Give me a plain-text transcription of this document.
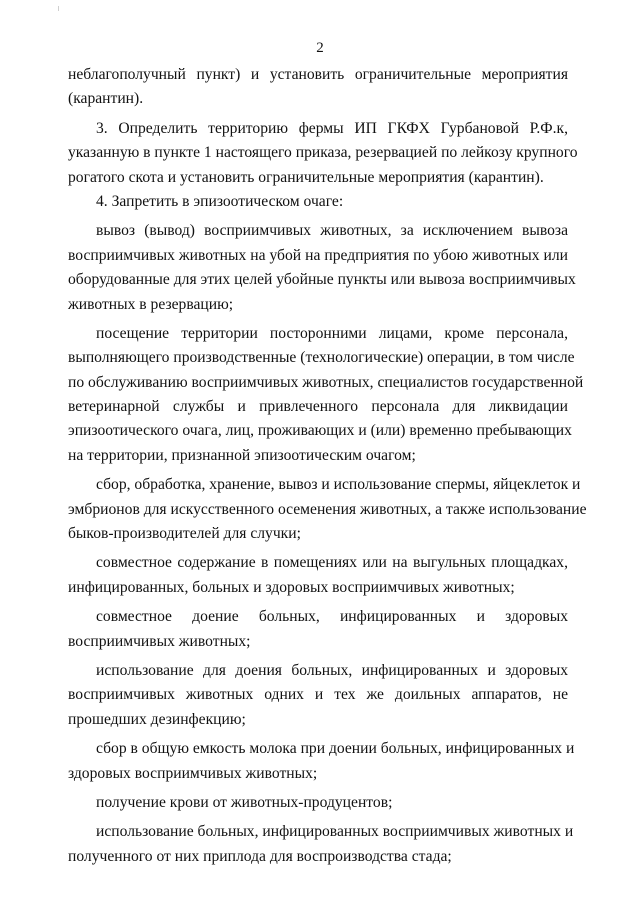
2
неблагополучный пункт) и установить ограничительные мероприятия
(карантин).
3. Определить территорию фермы ИП ГКФХ Гурбановой Р.Ф.к,
указанную в пункте 1 настоящего приказа, резервацией по лейкозу крупного
рогатого скота и установить ограничительные мероприятия (карантин).
4. Запретить в эпизоотическом очаге:
вывоз (вывод) восприимчивых животных, за исключением вывоза
восприимчивых животных на убой на предприятия по убою животных или
оборудованные для этих целей убойные пункты или вывоза восприимчивых
животных в резервацию;
посещение территории посторонними лицами, кроме персонала,
выполняющего производственные (технологические) операции, в том числе
по обслуживанию восприимчивых животных, специалистов государственной
ветеринарной службы и привлеченного персонала для ликвидации
эпизоотического очага, лиц, проживающих и (или) временно пребывающих
на территории, признанной эпизоотическим очагом;
сбор, обработка, хранение, вывоз и использование спермы, яйцеклеток и
эмбрионов для искусственного осеменения животных, а также использование
быков-производителей для случки;
совместное содержание в помещениях или на выгульных площадках,
инфицированных, больных и здоровых восприимчивых животных;
совместное доение больных, инфицированных и здоровых
восприимчивых животных;
использование для доения больных, инфицированных и здоровых
восприимчивых животных одних и тех же доильных аппаратов, не
прошедших дезинфекцию;
сбор в общую емкость молока при доении больных, инфицированных и
здоровых восприимчивых животных;
получение крови от животных-продуцентов;
использование больных, инфицированных восприимчивых животных и
полученного от них приплода для воспроизводства стада;
